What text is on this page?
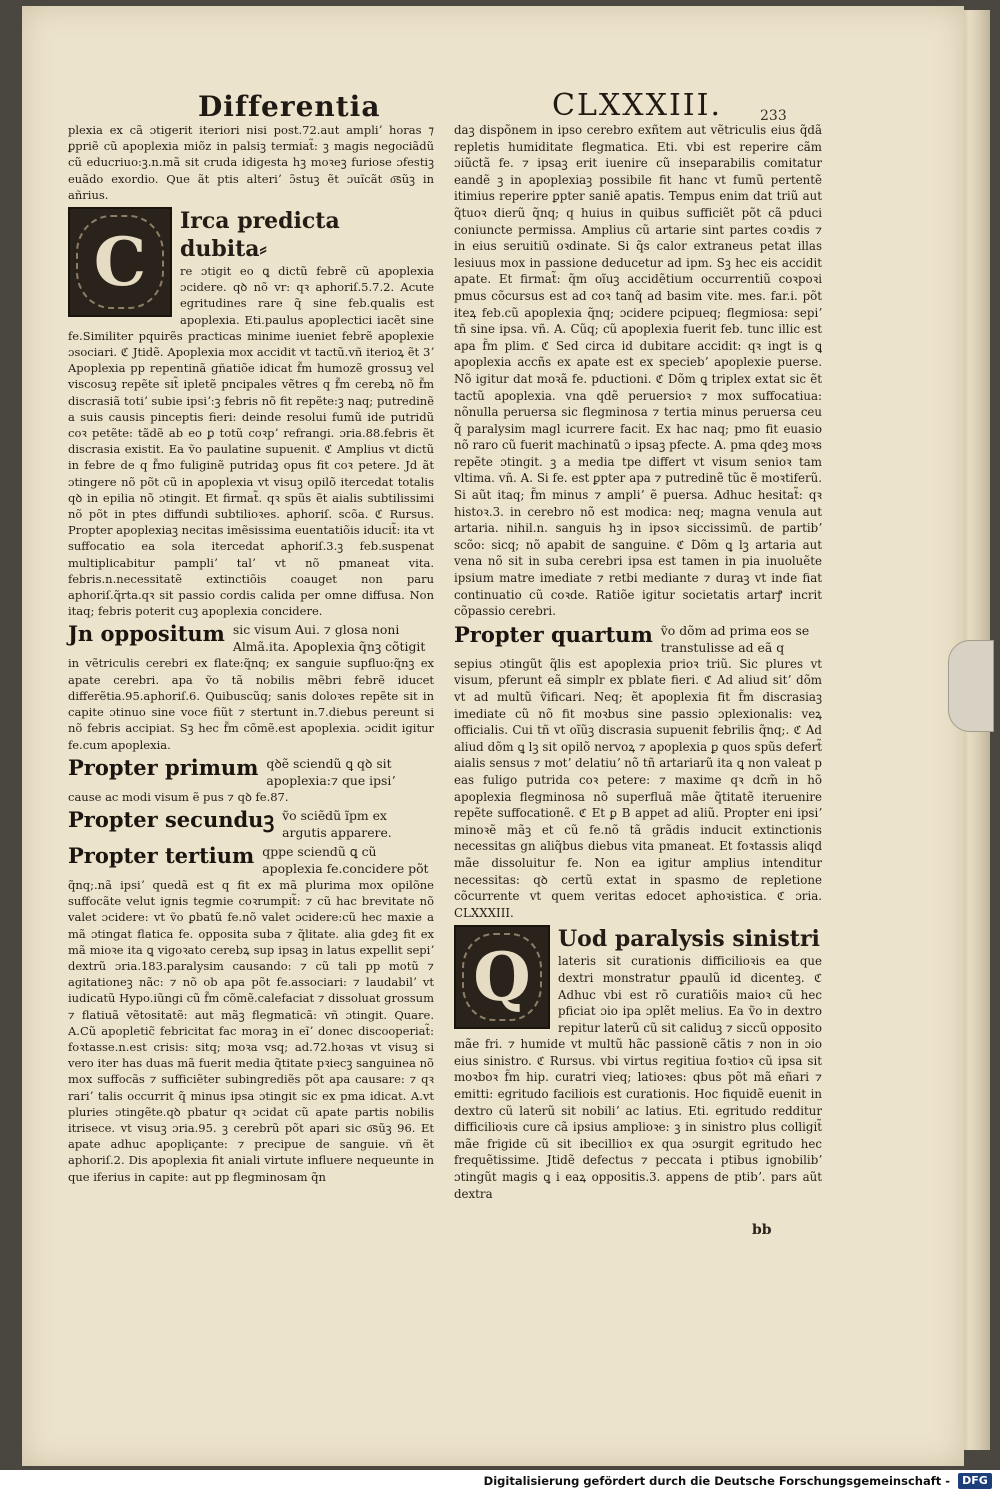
Differentia	CLXXXIII.	233

plexia ex cã ɔtigerit iteriori nisi post.72.aut ampliʼ horas ⁊ ꝑpriẽ cũ apoplexia miõz in palsiꝫ termiat̃: ꝫ magis negociãdũ cũ educriuo:ꝫ.n.mã sit cruda idigesta hꝫ moꝛeꝫ furiose ɔfestiꝫ euãdo exordio. Que ãt ptis alteriʼ ɔ̃stuꝫ ẽt ɔuĩcãt o͞sũꝫ in añrius.

C
Irca predicta dubita⸗

re ɔtigit eo ꝗ dictũ febrẽ cũ apoplexia ɔcidere. qꝺ nõ vr: qꝛ aphoriſ.5.7.2. Acute egritudines rare q̃ sine feb.qualis est apoplexia. Eti.paulus apoplectici iacẽt sine fe.Similiter pquirẽs practicas minime iueniet febrẽ apoplexie ɔsociari. ℭ Jtidẽ. Apoplexia mox accidit vt tactũ.vñ iterioꝝ ẽt 3ʼ Apoplexia pp repentinã gñatiõe idicat f̃m humozẽ grossuꝫ vel viscosuꝫ repẽte sit̃ ipletẽ pncipales vẽtres q f̃m cerebꝝ nõ f̃m discrasiã totiʼ subie ipsiʼ:ꝫ febris nõ fit repẽte:ꝫ naq; putredinẽ a suis causis pinceptis fieri: deinde resolui fumũ ide putridũ coꝛ petẽte: tãdẽ ab eo ꝑ totũ coꝛpʼ refrangi. ɔria.88.febris ẽt discrasia existit. Ea ṽo paulatine supuenit. ℭ Amplius vt dictũ in febre de q f̃mo fuliginẽ putridaꝫ opus fit coꝛ petere. Jd ãt ɔtingere nõ põt cũ in apoplexia vt visuꝫ opilõ itercedat totalis qꝺ in epilia nõ ɔtingit. Et firmat̃. qꝛ spũs ẽt aialis subtilissimi nõ põt in ptes diffundi subtilioꝛes. aphoriſ. scõa. ℭ Rursus. Propter apoplexiaꝫ necitas imẽsissima euentatiõis iducit̃: ita vt suffocatio ea sola itercedat aphoriſ.3.ꝫ feb.suspenat multiplicabitur pampliʼ talʼ vt nõ pmaneat vita. febris.n.necessitatẽ extinctiõis coauget non paru aphoriſ.q̃rta.qꝛ sit passio cordis calida per omne diffusa. Non itaq; febris poterit cuꝫ apoplexia concidere.

Jn oppositum sic visum Aui. ⁊ glosa noni Almã.ita. Apoplexia q̃nꝫ cõtigit

in vẽtriculis cerebri ex flate:q̃nq; ex sanguie supfluo:q̃nꝫ ex apate cerebri. apa ṽo tã nobilis mẽbri febrẽ iducet differẽtia.95.aphoriſ.6. Quibuscũq; sanis doloꝛes repẽte sit in capite ɔtinuo sine voce fiũt ⁊ stertunt in.7.diebus pereunt si nõ febris accipiat. Sꝫ hec f̃m cõmẽ.est apoplexia. ɔcidit igitur fe.cum apoplexia.

Propter primum qꝺẽ sciendũ ꝗ qꝺ sit apoplexia:⁊ que ipsiʼ

cause ac modi visum ẽ pus ⁊ qꝺ fe.87.

Propter secunduꝫ ṽo sciẽdũ ĩpm ex argutis apparere.
Propter tertium qppe sciendũ ꝗ cũ apoplexia fe.concidere põt

q̃nq;.nã ipsiʼ quedã est q fit ex mã plurima mox opilõne suffocãte velut ignis tegmie coꝛrumpit̃: ⁊ cũ hac brevitate nõ valet ɔcidere: vt ṽo ꝑbatũ fe.nõ valet ɔcidere:cũ hec maxie a mã ɔtingat flatica fe. opposita suba ⁊ q̃litate. alia gdeꝫ fit ex mã mioꝛe ita ꝗ vigoꝛato cerebꝝ sup ipsaꝫ in latus expellit sepiʼ dextrũ ɔria.183.paralysim causando: ⁊ cũ tali pp motũ ⁊ agitationeꝫ nãc: ⁊ nõ ob apa põt fe.associari: ⁊ laudabilʼ vt iudicatũ Hypo.iũngi cũ f̃m cõmẽ.calefaciat ⁊ dissoluat grossum ⁊ flatiuã vẽtositatẽ: aut mãꝫ flegmaticã: vñ ɔtingit. Quare. A.Cũ apopletic̃ febricitat fac moraꝫ in eĩʼ donec discooperiat̃: foꝛtasse.n.est crisis: sitq; moꝛa vsq; ad.72.hoꝛas vt visuꝫ si vero iter has duas mã fuerit media q̃titate pꝛiecꝫ sanguinea nõ mox suffocãs ⁊ sufficiẽter subingrediẽs põt apa causare: ⁊ qꝛ rariʼ talis occurrit q̃ minus ipsa ɔtingit sic ex pma idicat. A.vt pluries ɔtingẽte.qꝺ pbatur qꝛ ɔcidat cũ apate partis nobilis itrisece. vt visuꝫ ɔria.95. ꝫ cerebrũ põt apari sic o͞sũꝫ 96. Et apate adhuc apopliçante: ⁊ precipue de sanguie. vñ ẽt aphoriſ.2. Dis apoplexia fit aniali virtute influere nequeunte in que iferius in capite: aut pp flegminosam q̃n

daꝫ dispõnem in ipso cerebro exñtem aut vẽtriculis eius q̃dã repletis humiditate flegmatica. Eti. vbi est reperire cãm ɔiũctã fe. ⁊ ipsaꝫ erit iuenire cũ inseparabilis comitatur eandẽ ꝫ in apoplexiaꝫ possibile fit hanc vt fumũ pertentẽ itimius reperire ꝑpter saniẽ apatis. Tempus enim dat triũ aut q̃tuoꝛ dierũ q̃nq; q huius in quibus sufficiẽt põt cã pduci coniuncte permissa. Amplius cũ artarie sint partes coꝛdis ⁊ in eius seruitiũ oꝛdinate. Si q̃s calor extraneus petat illas lesiuus mox in passione deducetur ad ipm. Sꝫ hec eis accidit apate. Et firmat̃: q̃m oĩuꝫ accidẽtium occurrentiũ coꝛpoꝛi pmus cõcursus est ad coꝛ tanq̃ ad basim vite. mes. far.i. põt iteꝝ feb.cũ apoplexia q̃nq; ɔcidere pcipueq; flegmiosa: sepiʼ tñ sine ipsa. vñ. A. Cũq; cũ apoplexia fuerit feb. tunc illic est apa f̃m plim. ℭ Sed circa id dubitare accidit: qꝛ ingt is ꝗ apoplexia accñs ex apate est ex speciebʼ apoplexie puerse. Nõ igitur dat moꝛã fe. pductioni. ℭ Dõm ꝗ triplex extat sic ẽt tactũ apoplexia. vna qdẽ peruersioꝛ ⁊ mox suffocatiua: nõnulla peruersa sic flegminosa ⁊ tertia minus peruersa ceu q̃ paralysim magl icurrere facit. Ex hac naq; pmo fit euasio nõ raro cũ fuerit machinatũ ɔ ipsaꝫ pfecte. A. pma qdeꝫ moꝛs repẽte ɔtingit. ꝫ a media tpe differt vt visum senioꝛ tam vltima. vñ. A. Si fe. est ꝑpter apa ⁊ putredinẽ tũc ẽ moꝛtiferũ. Si aũt itaq; f̃m minus ⁊ ampliʼ ẽ puersa. Adhuc hesitat̃: qꝛ histoꝛ.3. in cerebro nõ est modica: neq; magna venula aut artaria. nihil.n. sanguis hꝫ in ipsoꝛ siccissimũ. de partibʼ scõo: sicq; nõ apabit de sanguine. ℭ Dõm ꝗ lꝫ artaria aut vena nõ sit in suba cerebri ipsa est tamen in pia inuoluẽte ipsium matre imediate ⁊ retbi mediante ⁊ duraꝫ vt inde fiat continuatio cũ coꝛde. Ratiõe igitur societatis artarꝭ incrit cõpassio cerebri.

Propter quartum ṽo dõm ad prima eos se transtulisse ad eã q

sepius ɔtingũt q̃lis est apoplexia prioꝛ triũ. Sic plures vt visum, pferunt eã simplr ex pblate fieri. ℭ Ad aliud sitʼ dõm vt ad multũ ṽificari. Neq; ẽt apoplexia fit f̃m discrasiaꝫ imediate cũ nõ fit moꝛbus sine passio ɔplexionalis: veꝝ officialis. Cui tñ vt oĩũꝫ discrasia supuenit febrilis q̃nq;. ℭ Ad aliud dõm ꝗ lꝫ sit opilõ nervoꝝ ⁊ apoplexia ꝑ quos spũs defert̃ aialis sensus ⁊ motʼ delatiuʼ nõ tñ artariarũ ita ꝗ non valeat p eas fuligo putrida coꝛ petere: ⁊ maxime qꝛ dcm̃ in hõ apoplexia flegminosa nõ superfluã mãe q̃titatẽ iteruenire repẽte suffocationẽ. ℭ Et ꝑ B appet ad aliũ. Propter eni ipsiʼ minoꝛẽ mãꝫ et cũ fe.nõ tã grãdis inducit extinctionis necessitas gn aliq̃bus diebus vita pmaneat. Et foꝛtassis aliqd mãe dissoluitur fe. Non ea igitur amplius intenditur necessitas: qꝺ certũ extat in spasmo de repletione cõcurrente vt quem veritas edocet aphoꝛistica. ℭ ɔria. CLXXXIII.

Q	Uod paralysis sinistri

lateris sit curationis difficilioꝛis ea que dextri monstratur ꝑpaulũ id dicenteꝫ. ℭ Adhuc vbi est rõ curatiõis maioꝛ cũ hec pficiat ɔio ipa ɔplẽt melius. Ea ṽo in dextro repitur laterũ cũ sit caliduꝫ ⁊ siccũ opposito mãe fri. ⁊ humide vt multũ hãc passionẽ cãtis ⁊ non in ɔio eius sinistro. ℭ Rursus. vbi virtus regitiua foꝛtioꝛ cũ ipsa sit moꝛboꝛ f̃m hip. curatri vieq; latioꝛes: qbus põt mã eñari ⁊ emitti: egritudo faciliois est curationis. Hoc fiquidẽ euenit in dextro cũ laterũ sit nobiliʼ ac latius. Eti. egritudo redditur difficilioꝛis cure cã ipsius amplioꝛe: ꝫ in sinistro plus colligit̃ mãe frigide cũ sit ibecillioꝛ ex qua ɔsurgit egritudo hec frequẽtissime. Jtidẽ defectus ⁊ peccata i ptibus ignobilibʼ ɔtingũt magis ꝗ i eaꝝ oppositis.3. appens de ptibʼ. pars aũt dextra

bb
Digitalisierung gefördert durch die Deutsche Forschungsgemeinschaft -	DFG
